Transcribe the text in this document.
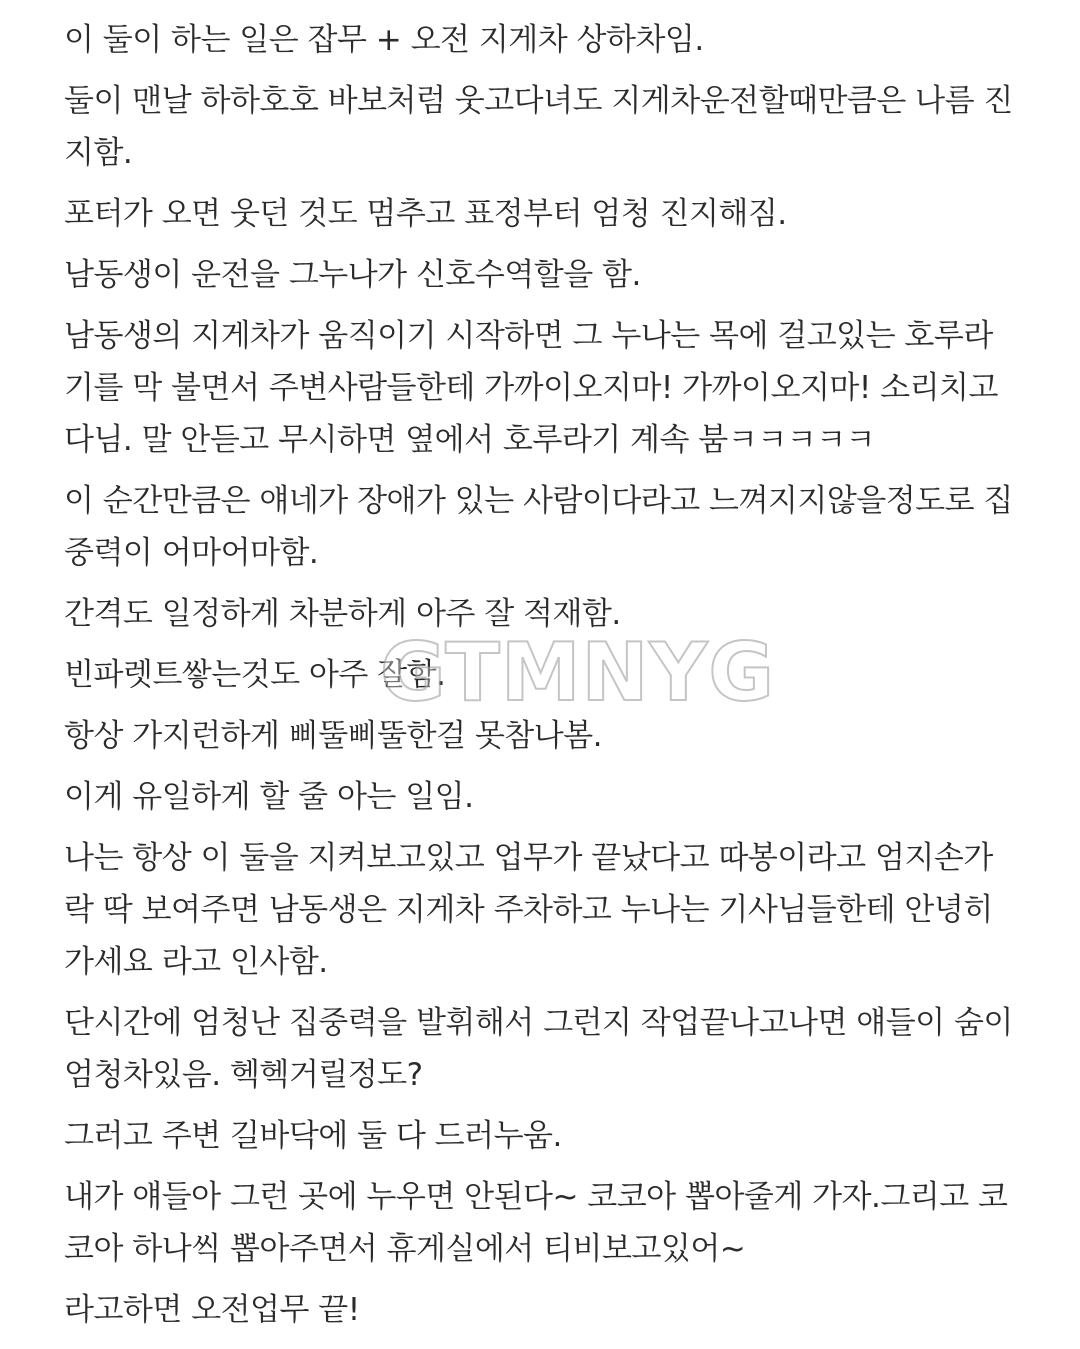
이 둘이 하는 일은 잡무 + 오전 지게차 상하차임.

둘이 맨날 하하호호 바보처럼 웃고다녀도 지게차운전할때만큼은 나름 진
지함.

포터가 오면 웃던 것도 멈추고 표정부터 엄청 진지해짐.

남동생이 운전을 그누나가 신호수역할을 함.

남동생의 지게차가 움직이기 시작하면 그 누나는 목에 걸고있는 호루라
기를 막 불면서 주변사람들한테 가까이오지마! 가까이오지마! 소리치고
다님. 말 안듣고 무시하면 옆에서 호루라기 계속 붐ㅋㅋㅋㅋㅋ

이 순간만큼은 얘네가 장애가 있는 사람이다라고 느껴지지않을정도로 집
중력이 어마어마함.

간격도 일정하게 차분하게 아주 잘 적재함.

빈파렛트쌓는것도 아주 잘함.

항상 가지런하게 삐뚤삐뚤한걸 못참나봄.

이게 유일하게 할 줄 아는 일임.

나는 항상 이 둘을 지켜보고있고 업무가 끝났다고 따봉이라고 엄지손가
락 딱 보여주면 남동생은 지게차 주차하고 누나는 기사님들한테 안녕히
가세요 라고 인사함.

단시간에 엄청난 집중력을 발휘해서 그런지 작업끝나고나면 얘들이 숨이
엄청차있음. 헥헥거릴정도?

그러고 주변 길바닥에 둘 다 드러누움.

내가 얘들아 그런 곳에 누우면 안된다~ 코코아 뽑아줄게 가자.그리고 코
코아 하나씩 뽑아주면서 휴게실에서 티비보고있어~

라고하면 오전업무 끝!

GTMNYG
